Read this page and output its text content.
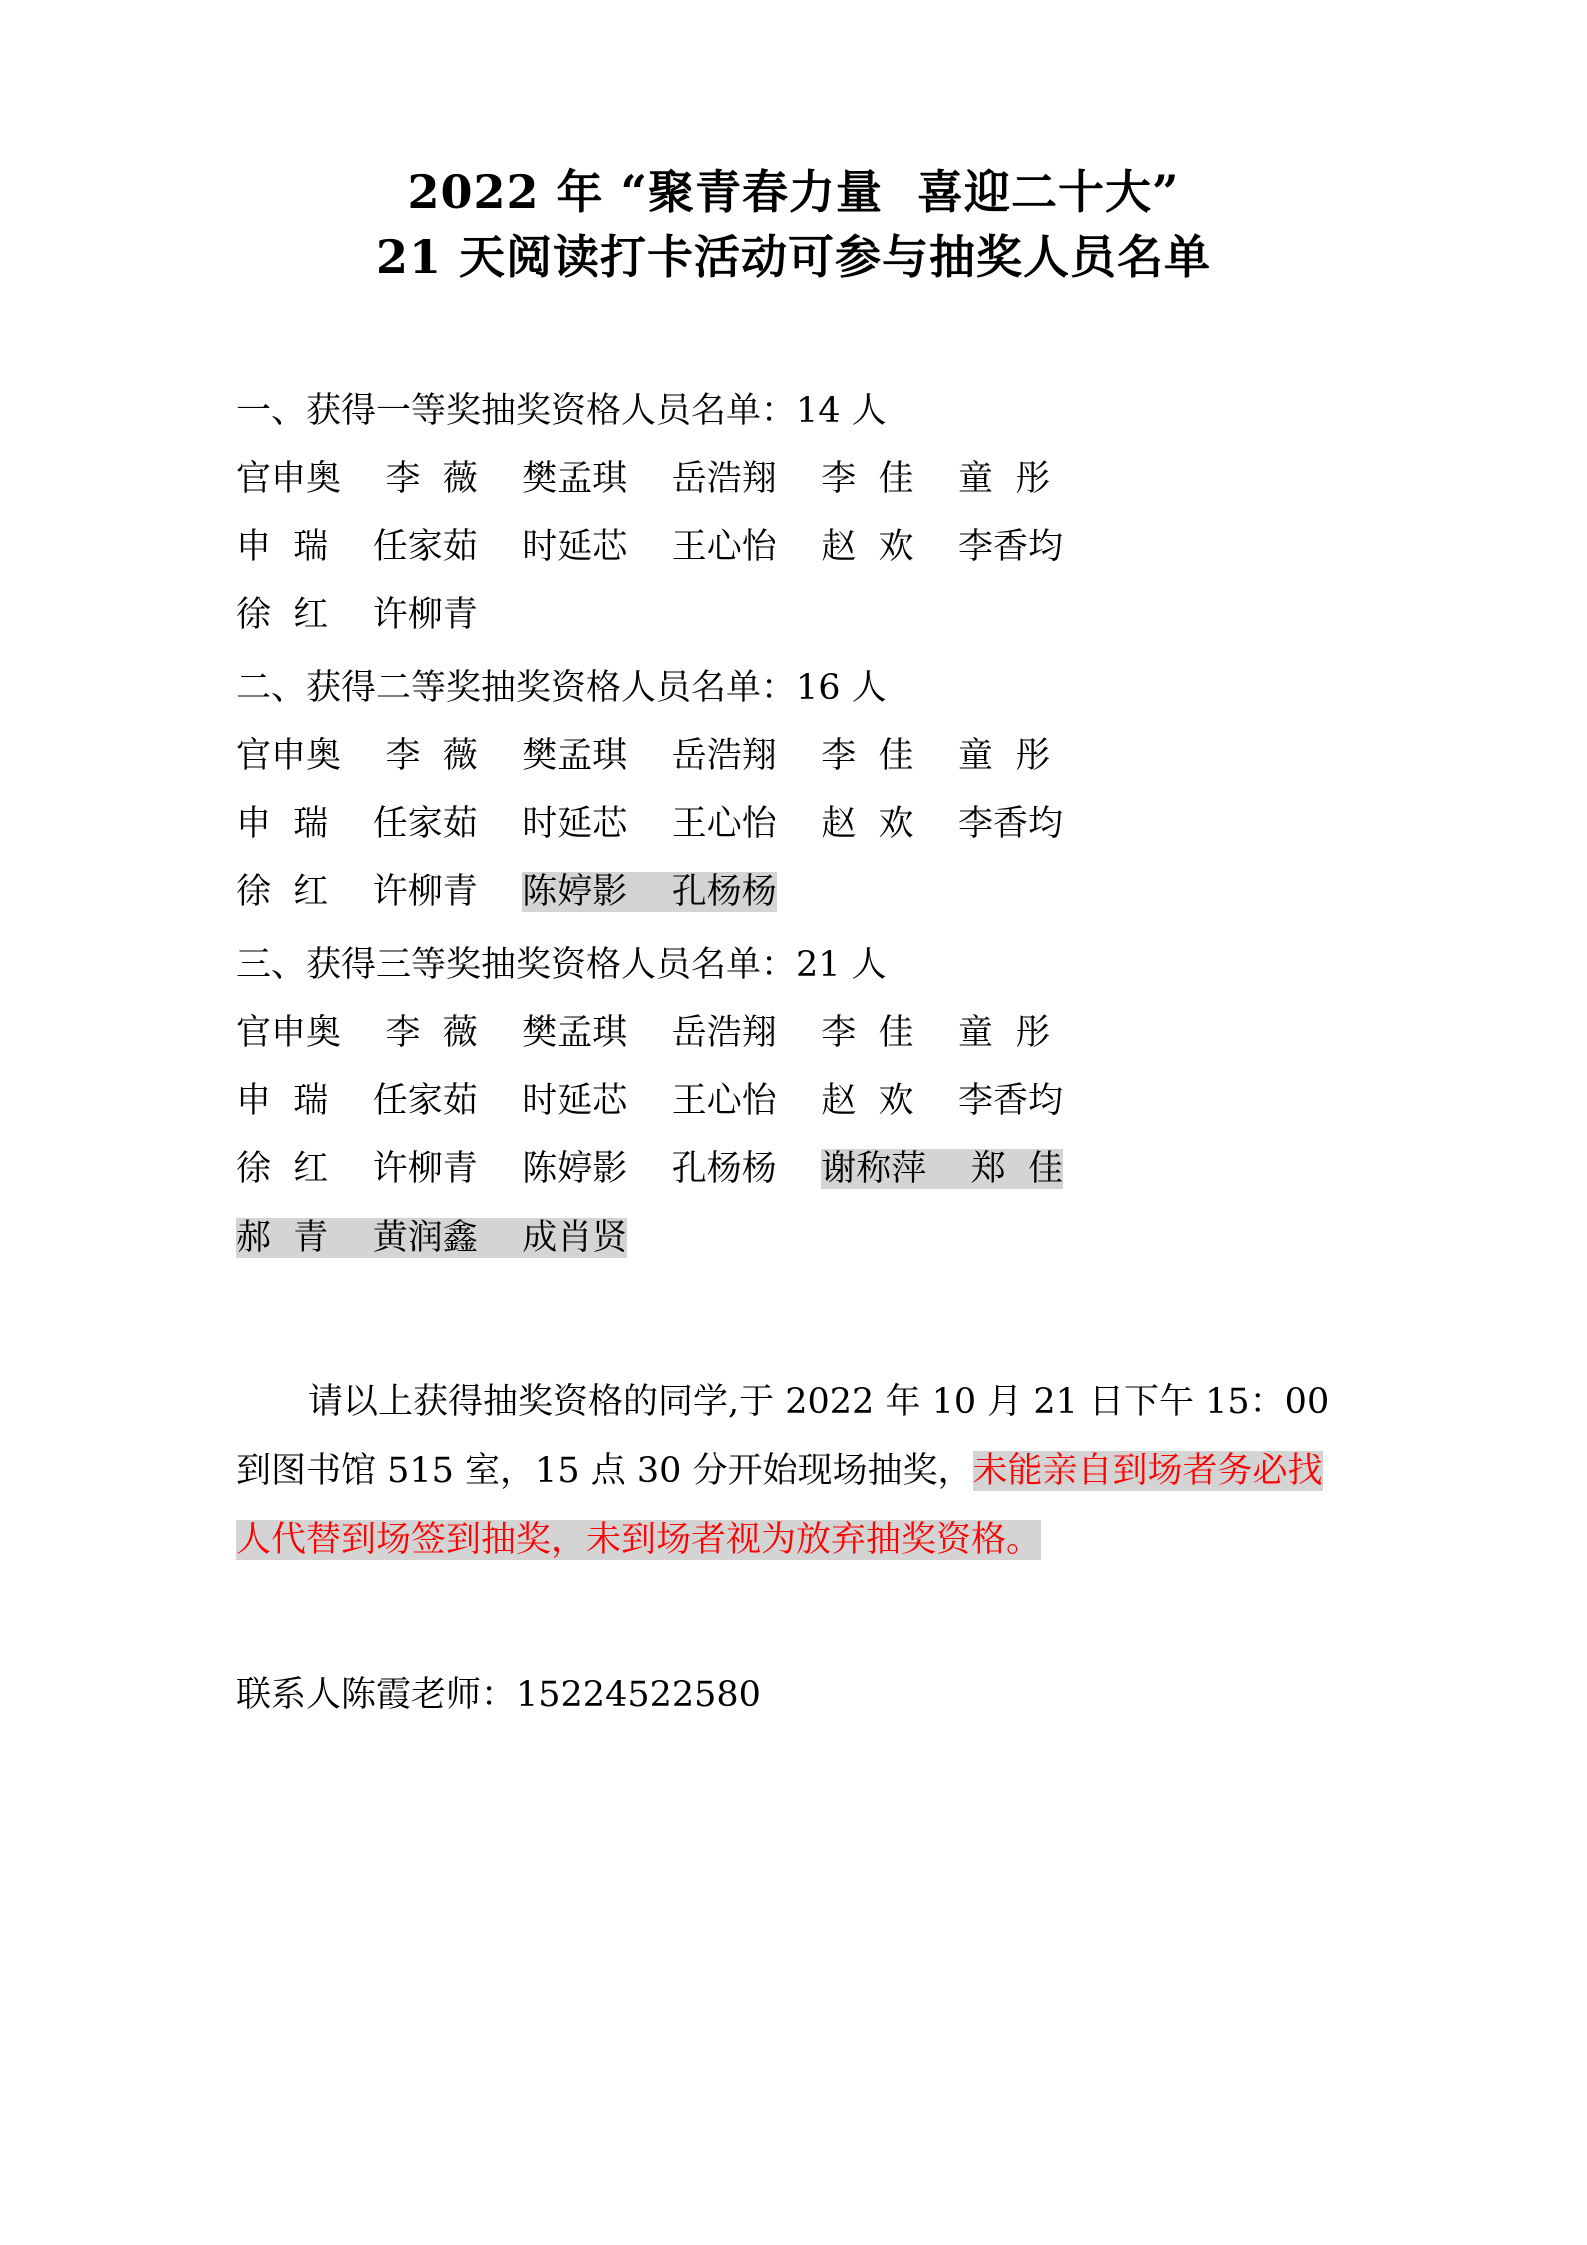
2022 年 “聚青春力量  喜迎二十大”
21 天阅读打卡活动可参与抽奖人员名单
一、获得一等奖抽奖资格人员名单：14 人
官申奥    李  薇    樊孟琪    岳浩翔    李  佳    童  彤
申  瑞    任家茹    时延芯    王心怡    赵  欢    李香均
徐  红    许柳青
二、获得二等奖抽奖资格人员名单：16 人
官申奥    李  薇    樊孟琪    岳浩翔    李  佳    童  彤
申  瑞    任家茹    时延芯    王心怡    赵  欢    李香均
徐  红    许柳青    陈婷影    孔杨杨
三、获得三等奖抽奖资格人员名单：21 人
官申奥    李  薇    樊孟琪    岳浩翔    李  佳    童  彤
申  瑞    任家茹    时延芯    王心怡    赵  欢    李香均
徐  红    许柳青    陈婷影    孔杨杨    谢称萍    郑  佳
郝  青    黄润鑫    成肖贤
请以上获得抽奖资格的同学,于 2022 年 10 月 21 日下午 15：00 到图书馆 515 室，15 点 30 分开始现场抽奖，未能亲自到场者务必找人代替到场签到抽奖，未到场者视为放弃抽奖资格。
联系人陈霞老师：15224522580
